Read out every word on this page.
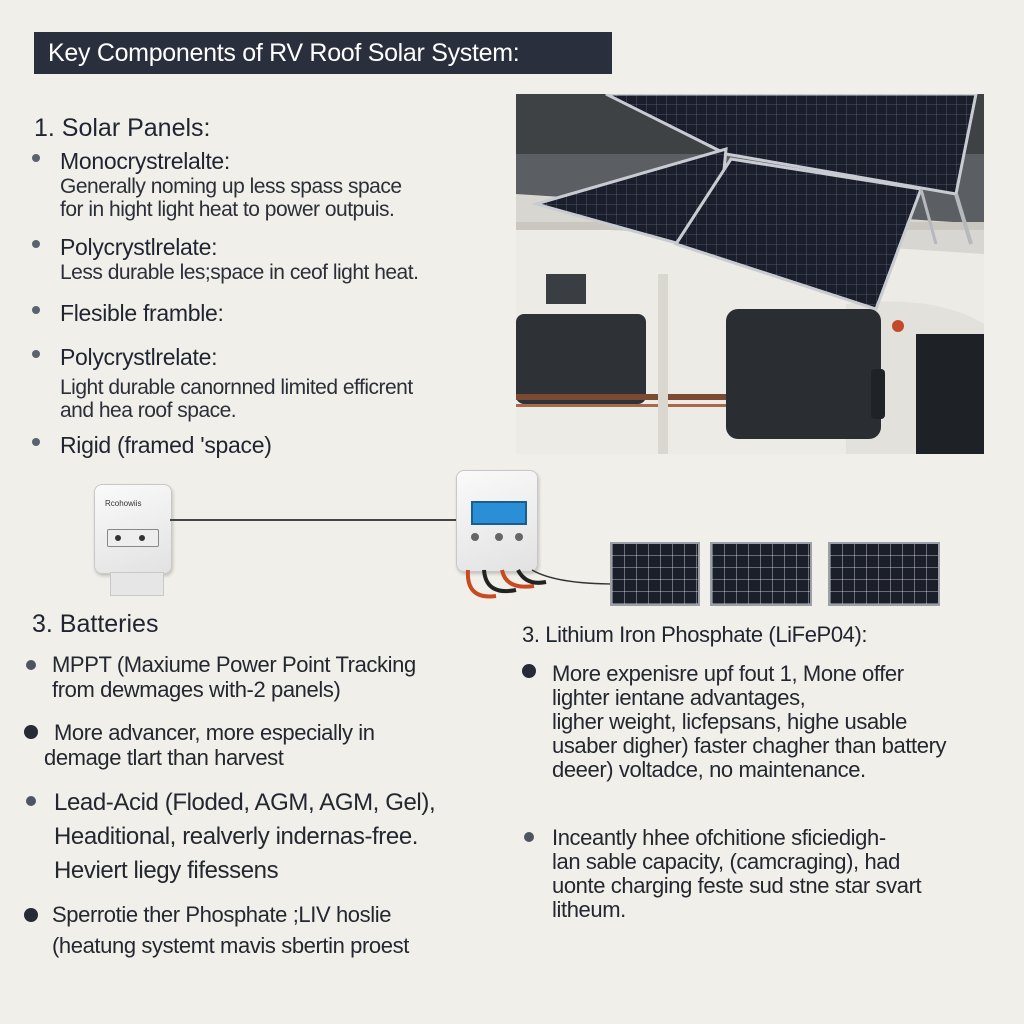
Key Components of RV Roof Solar System:
1. Solar Panels:
Monocrystrelalte:
Generally noming up less spass space
for in hight light heat to power outpuis.
Polycrystlrelate:
Less durable les;space in ceof light heat.
Flesible framble:
Polycrystlrelate:
Light durable canornned limited efficrent
and hea roof space.
Rigid (framed 'space)
Rcohowiis
3. Batteries
MPPT (Maxiume Power Point Tracking
from dewmages with-2 panels)
More advancer, more especially in
demage tlart than harvest
Lead-Acid (Floded, AGM, AGM, Gel),
Headitional, realverly indernas-free.
Heviert liegy fifessens
Sperrotie ther Phosphate ;LIV hoslie
(heatung systemt mavis sbertin proest
3. Lithium Iron Phosphate (LiFeP04):
More expenisre upf fout 1, Mone offer
lighter ientane advantages,
ligher weight, licfepsans, highe usable
usaber digher) faster chagher than battery
deeer) voltadce, no maintenance.
Inceantly hhee ofchitione sficiedigh-
lan sable capacity, (camcraging), had
uonte charging feste sud stne star svart
litheum.
